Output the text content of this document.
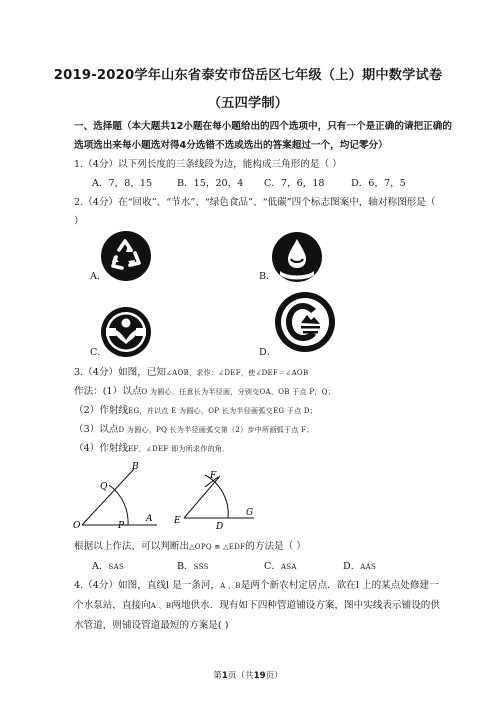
2019-2020学年山东省泰安市岱岳区七年级（上）期中数学试卷
（五四学制）
一、选择题（本大题共12小题在每小题给出的四个选项中，只有一个是正确的请把正确的
选项选出来每小题选对得4分选错不选或选出的答案超过一个，均记零分）
1.（4分）以下列长度的三条线段为边，能构成三角形的是（ ）
A．7，8，15	B．15，20，4 C．7，6，18	D．6，7，5
2.（4分）在“回收”、“节水”、“绿色食品”、“低碳”四个标志图案中，轴对称图形是（
）
A．	B．
C．	D．
3.（4分）如图，已知∠AOB，求作：∠DEF，使∠DEF＝∠AOB
作法：(1）以点O 为圆心，任意长为半径画，分别交OA、OB 于点 P，Q；
（2）作射线EG，并以点 E 为圆心，OP 长为半径画弧交EG 于点 D；
（3）以点D 为圆心，PQ 长为半径画弧交第（2）步中所画弧于点 F；
（4）作射线EF，∠DEF 即为所求作的角．
B
Q
O	P
A
F
E
D
G
根据以上作法，可以判断出△OPQ ≌ △EDF的方法是（ ）
A．SAS	B．SSS	C．ASA	D．AAS
4.（4分）如图，直线l 是一条河，A 、B是两个新农村定居点．欲在l 上的某点处修建一
个水泵站，直接向A 、B两地供水．现有如下四种管道铺设方案，图中实线表示铺设的供
水管道，则铺设管道最短的方案是( )
第1页（共19页）
